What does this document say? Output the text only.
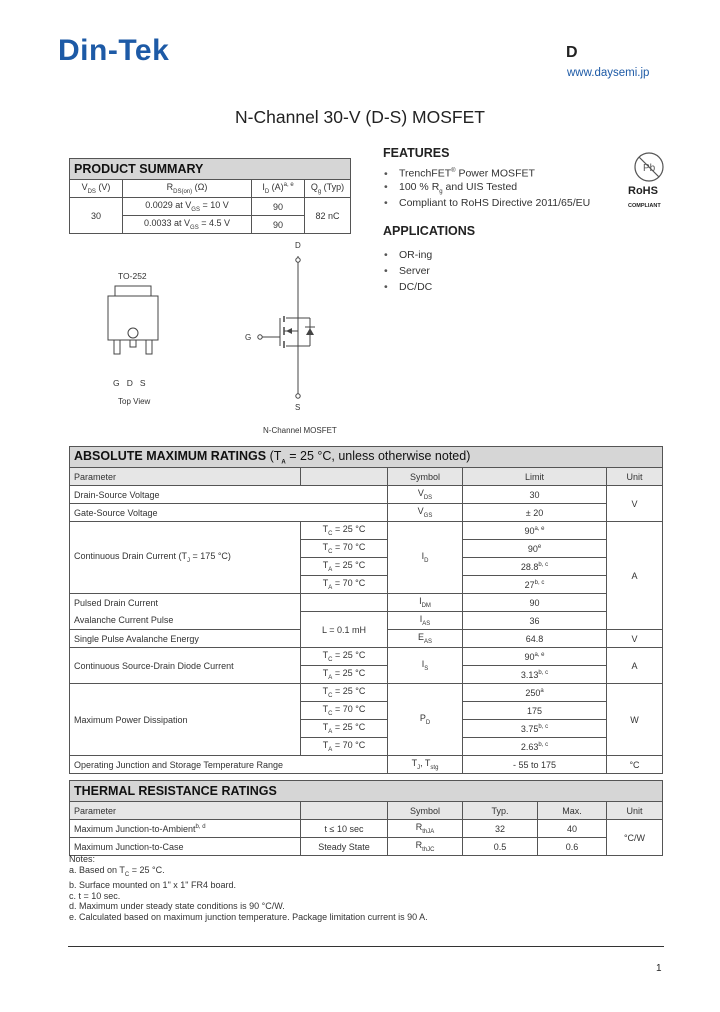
Din-Tek	D
www.daysemi.jp
N-Channel 30-V (D-S) MOSFET
PRODUCT SUMMARY			
$V_{DS}$ (V)	$R_{DS(on)}$ (Ω)	$I_D$ $(A)^{a, e}$	$Q_g$ (Typ)
30	0.0029 at $V_{GS} = 10$ V	90	82 nC
	0.0033 at $V_{GS} = 4.5$ V	90	
FEATURES
• TrenchFET® Power MOSFET
• 100 % $R_g$ and UIS Tested
• Compliant to RoHS Directive 2011/65/EU
Pb
RoHS
COMPLIANT
APPLICATIONS
• OR-ing
• Server
• DC/DC
TO-252
G   D   S
Top View
D
G
S
N-Channel MOSFET
ABSOLUTE MAXIMUM RATINGS ($T_A = 25$ °C, unless otherwise noted)				
Parameter		Symbol	Limit	Unit
Drain-Source Voltage		$V_{DS}$	30	V
Gate-Source Voltage		$V_{GS}$	± 20	
Continuous Drain Current ($T_J = 175$ °C)	$T_C = 25$ °C	$I_D$	90$^{a, e}$	A
	$T_C = 70$ °C		90e
	$T_A = 25$ °C		28.8$^{b, c}$
	$T_A = 70$ °C		27$^{b, c}$
Pulsed Drain Current		$I_{DM}$	90	
Avalanche Current Pulse	L = 0.1 mH	$I_{AS}$	36	
Single Pulse Avalanche Energy		$E_{AS}$	64.8	V
Continuous Source-Drain Diode Current	$T_C = 25$ °C	$I_S$	90$^{a, e}$	A
	$T_A = 25$ °C		3.13$^{b, c}$
Maximum Power Dissipation	$T_C = 25$ °C	$P_D$	250$^a$	W
	$T_C = 70$ °C		175	
	$T_A = 25$ °C		3.75$^{b, c}$
	$T_A = 70$ °C		2.63$^{b, c}$
Operating Junction and Storage Temperature Range		$T_J$, $T_{stg}$	- 55 to 175	°C
THERMAL RESISTANCE RATINGS					
Parameter		Symbol	Typ.	Max.	Unit
Maximum Junction-to-Ambient$^{b, d}$	t ≤ 10 sec	$R_{thJA}$	32	40	°C/W
Maximum Junction-to-Case	Steady State	$R_{thJC}$	0.5	0.6	
Notes:
a. Based on $T_C = 25$ °C.
b. Surface mounted on 1" x 1" FR4 board.
c. t = 10 sec.
d. Maximum under steady state conditions is 90 °C/W.
e. Calculated based on maximum junction temperature. Package limitation current is 90 A.
1
